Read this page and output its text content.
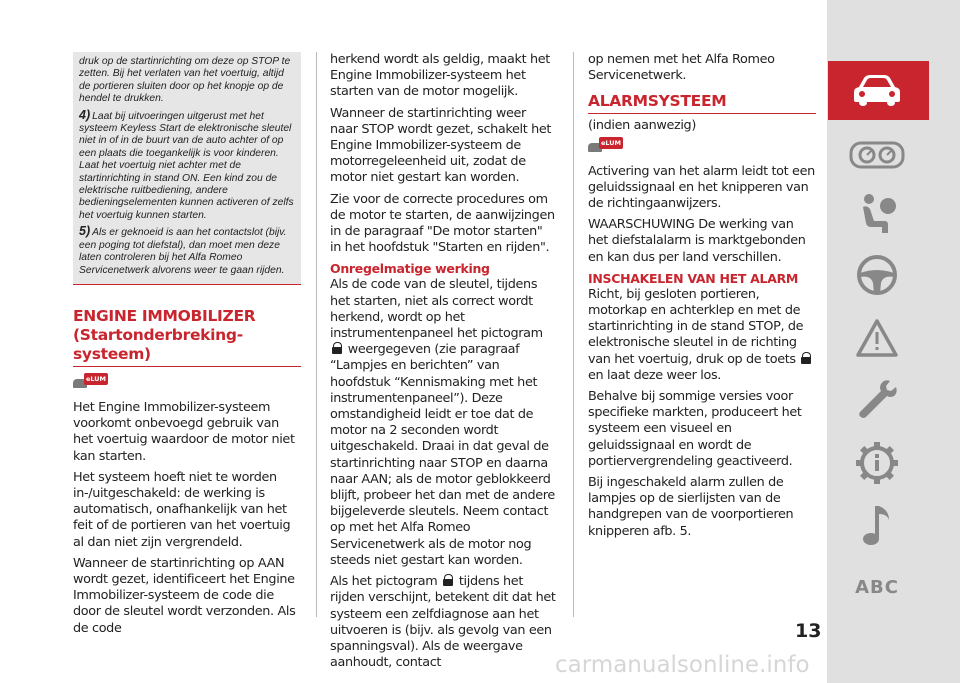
druk op de startinrichting om deze op STOP te zetten. Bij het verlaten van het voertuig, altijd de portieren sluiten door op het knopje op de hendel te drukken.

4) Laat bij uitvoeringen uitgerust met het systeem Keyless Start de elektronische sleutel niet in of in de buurt van de auto achter of op een plaats die toegankelijk is voor kinderen. Laat het voertuig niet achter met de startinrichting in stand ON. Een kind zou de elektrische ruitbediening, andere bedieningselementen kunnen activeren of zelfs het voertuig kunnen starten.

5) Als er geknoeid is aan het contactslot (bijv. een poging tot diefstal), dan moet men deze laten controleren bij het Alfa Romeo Servicenetwerk alvorens weer te gaan rijden.

ENGINE IMMOBILIZER
(Startonderbreking-systeem)
eLUM

Het Engine Immobilizer-systeem voorkomt onbevoegd gebruik van het voertuig waardoor de motor niet kan starten.

Het systeem hoeft niet te worden in-/uitgeschakeld: de werking is automatisch, onafhankelijk van het feit of de portieren van het voertuig al dan niet zijn vergrendeld.

Wanneer de startinrichting op AAN wordt gezet, identificeert het Engine Immobilizer-systeem de code die door de sleutel wordt verzonden. Als de code

herkend wordt als geldig, maakt het Engine Immobilizer-systeem het starten van de motor mogelijk.

Wanneer de startinrichting weer naar STOP wordt gezet, schakelt het Engine Immobilizer-systeem de motorregeleenheid uit, zodat de motor niet gestart kan worden.

Zie voor de correcte procedures om de motor te starten, de aanwijzingen in de paragraaf "De motor starten" in het hoofdstuk "Starten en rijden".

Onregelmatige werking

Als de code van de sleutel, tijdens het starten, niet als correct wordt herkend, wordt op het instrumentenpaneel het pictogram  weergegeven (zie paragraaf “Lampjes en berichten” van hoofdstuk “Kennismaking met het instrumentenpaneel”). Deze omstandigheid leidt er toe dat de motor na 2 seconden wordt uitgeschakeld. Draai in dat geval de startinrichting naar STOP en daarna naar AAN; als de motor geblokkeerd blijft, probeer het dan met de andere bijgeleverde sleutels. Neem contact op met het Alfa Romeo Servicenetwerk als de motor nog steeds niet gestart kan worden.

Als het pictogram tijdens het rijden verschijnt, betekent dit dat het systeem een zelfdiagnose aan het uitvoeren is (bijv. als gevolg van een spanningsval). Als de weergave aanhoudt, contact

op nemen met het Alfa Romeo Servicenetwerk.

ALARMSYSTEEM

(indien aanwezig)

eLUM

Activering van het alarm leidt tot een geluidssignaal en het knipperen van de richtingaanwijzers.

WAARSCHUWING De werking van het diefstalalarm is marktgebonden en kan dus per land verschillen.

INSCHAKELEN VAN HET ALARM

Richt, bij gesloten portieren, motorkap en achterklep en met de startinrichting in de stand STOP, de elektronische sleutel in de richting van het voertuig, druk op de toets  en laat deze weer los.

Behalve bij sommige versies voor specifieke markten, produceert het systeem een visueel en geluidssignaal en wordt de portiervergrendeling geactiveerd.

Bij ingeschakeld alarm zullen de lampjes op de sierlijsten van de handgrepen van de voorportieren knipperen afb. 5.

ABC
13
carmanualsonline.info
